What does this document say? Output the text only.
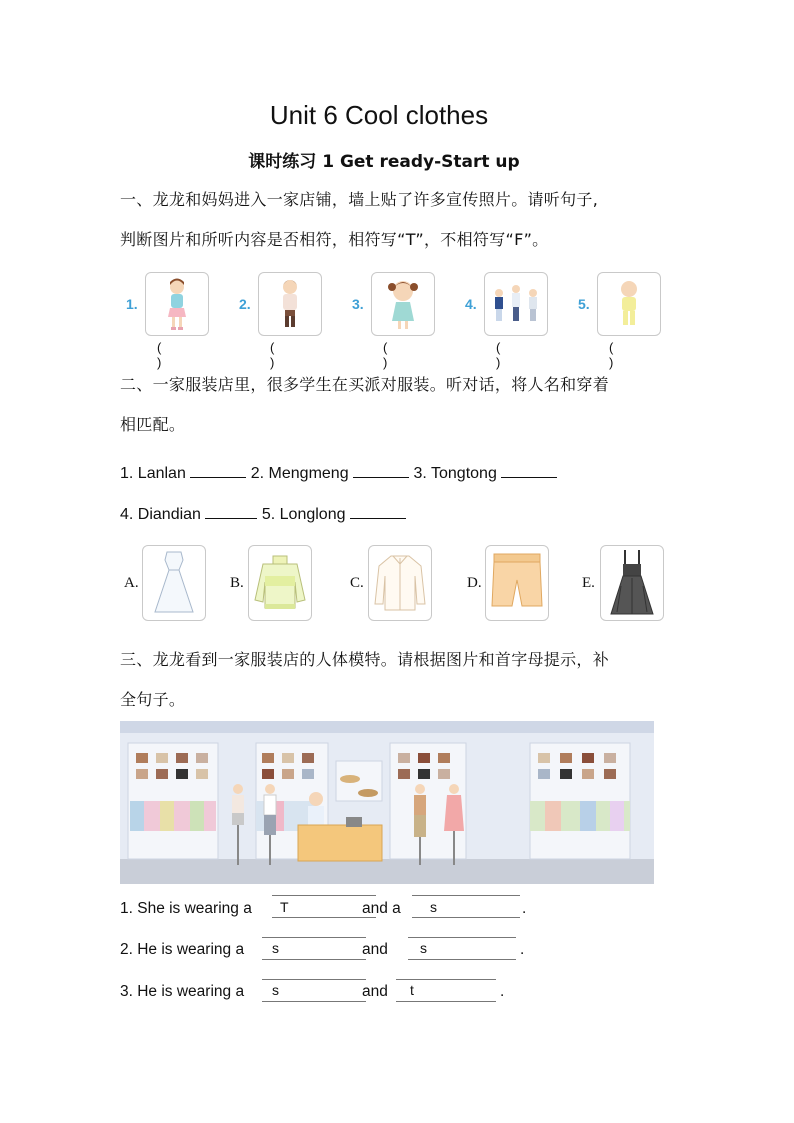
Unit 6 Cool clothes
课时练习 1 Get ready-Start up
一、龙龙和妈妈进入一家店铺，墙上贴了许多宣传照片。请听句子,
判断图片和所听内容是否相符，相符写“T”，不相符写“F”。
1.
( )
2.
( )
3.
( )
4.
( )
5.
( )
二、一家服装店里，很多学生在买派对服装。听对话，将人名和穿着
相匹配。
1. Lanlan	2. Mengmeng	3. Tongtong
4. Diandian	5. Longlong
A.	B.	C.	D.	E.
三、龙龙看到一家服装店的人体模特。请根据图片和首字母提示，补
全句子。
1. She is wearing a T	and a s	.
2. He is wearing a s	and s	.
3. He is wearing a s	and t	.
